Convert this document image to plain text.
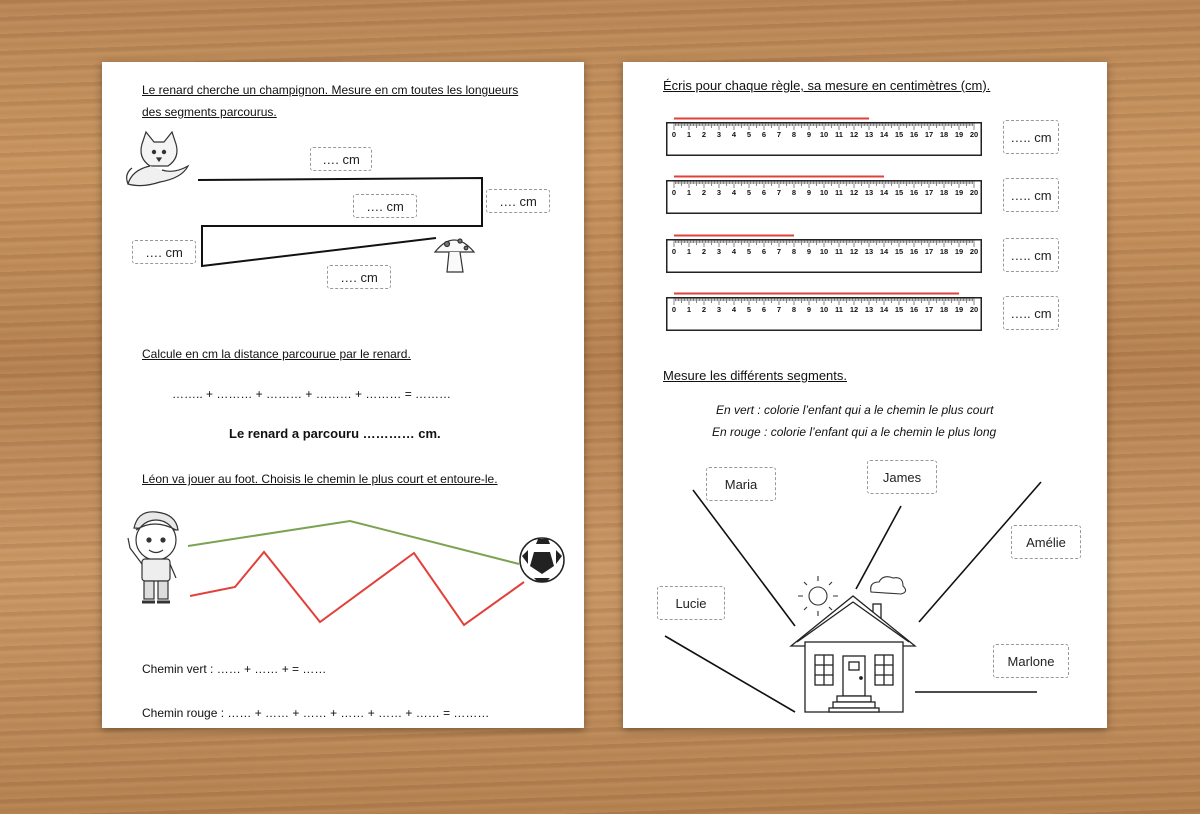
Le renard cherche un champignon. Mesure en cm toutes les longueurs
des segments parcourus.
…. cm
…. cm	…. cm
…. cm
…. cm
Calcule en cm la distance parcourue par le renard.
…….. + ……… + ……… + ……… + ……… = ………
Le renard a parcouru ………… cm.
Léon va jouer au foot. Choisis le chemin le plus court et entoure-le.
Chemin vert : …… + …… + = ……
Chemin rouge : …… + …… + …… + …… + …… + …… = ………
Écris pour chaque règle, sa mesure en centimètres (cm).
0 1 2 3 4 5 6 7 8 9 10 11 12 13 14 15 16 17 18 19 20
0 1 2 3 4 5 6 7 8 9 10 11 12 13 14 15 16 17 18 19 20
0 1 2 3 4 5 6 7 8 9 10 11 12 13 14 15 16 17 18 19 20
0 1 2 3 4 5 6 7 8 9 10 11 12 13 14 15 16 17 18 19 20
….. cm
….. cm
….. cm
….. cm
Mesure les différents segments.
En vert : colorie l’enfant qui a le chemin le plus court
En rouge : colorie l’enfant qui a le chemin le plus long
Maria	James
Amélie
Lucie
Marlone
